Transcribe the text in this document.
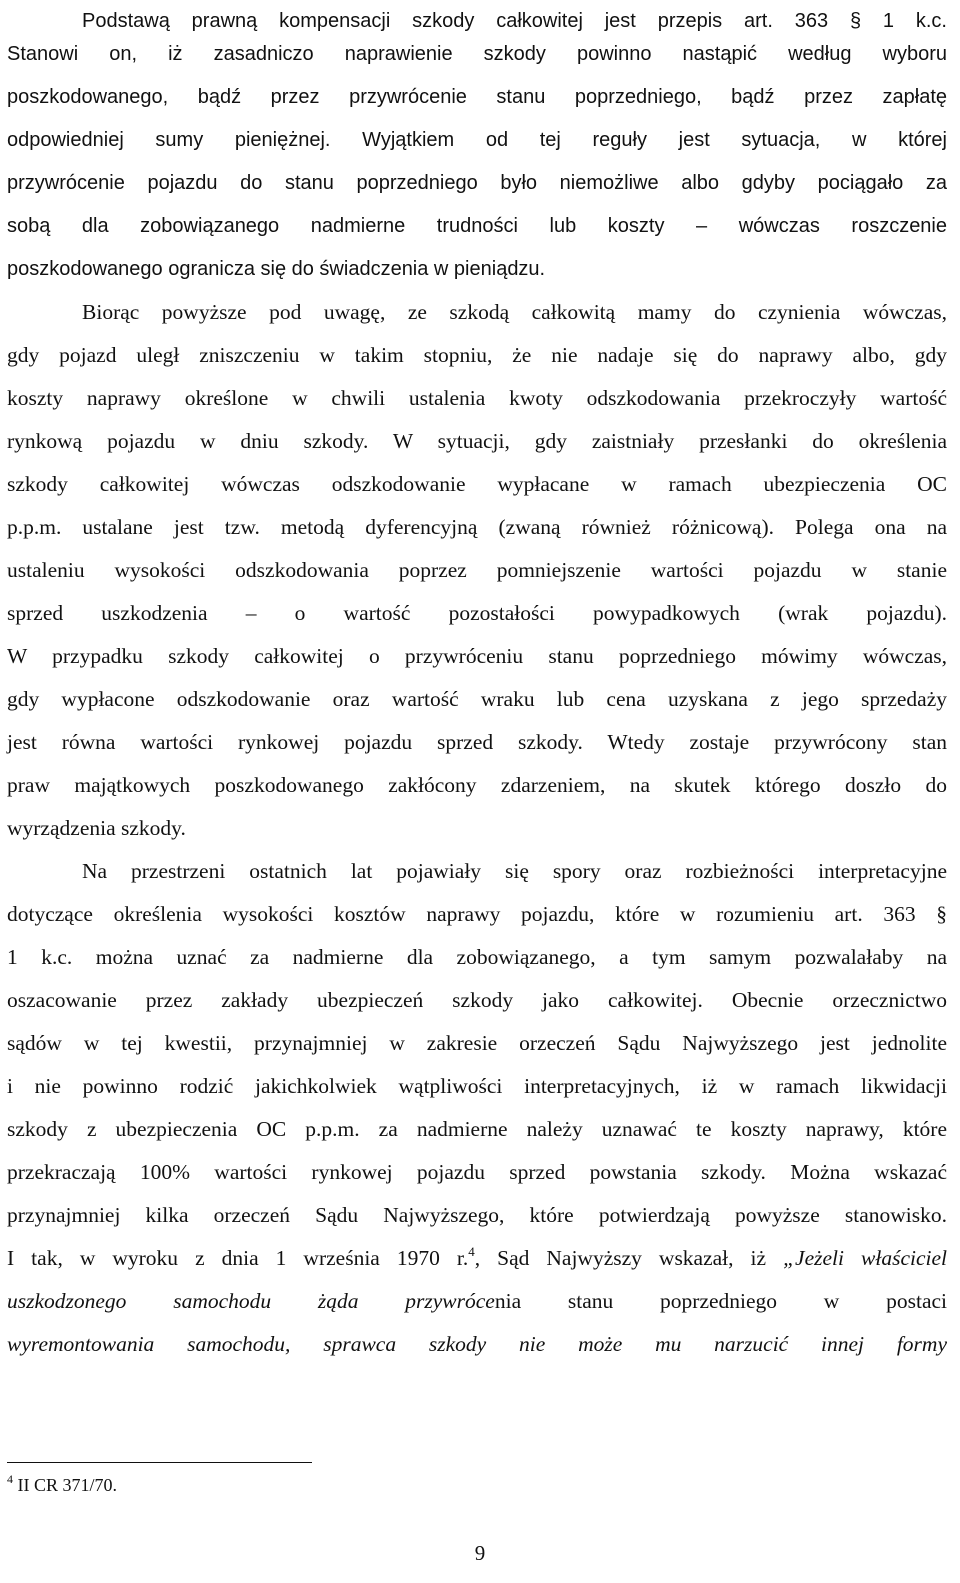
Podstawą prawną kompensacji szkody całkowitej jest przepis art. 363 § 1 k.c.
Stanowi on, iż zasadniczo naprawienie szkody powinno nastąpić według wyboru
poszkodowanego, bądź przez przywrócenie stanu poprzedniego, bądź przez zapłatę
odpowiedniej sumy pieniężnej. Wyjątkiem od tej reguły jest sytuacja, w której
przywrócenie pojazdu do stanu poprzedniego było niemożliwe albo gdyby pociągało za
sobą dla zobowiązanego nadmierne trudności lub koszty – wówczas roszczenie
poszkodowanego ogranicza się do świadczenia w pieniądzu.
Biorąc powyższe pod uwagę, ze szkodą całkowitą mamy do czynienia wówczas,
gdy pojazd uległ zniszczeniu w takim stopniu, że nie nadaje się do naprawy albo, gdy
koszty naprawy określone w chwili ustalenia kwoty odszkodowania przekroczyły wartość
rynkową pojazdu w dniu szkody. W sytuacji, gdy zaistniały przesłanki do określenia
szkody całkowitej wówczas odszkodowanie wypłacane w ramach ubezpieczenia OC
p.p.m. ustalane jest tzw. metodą dyferencyjną (zwaną również różnicową). Polega ona na
ustaleniu wysokości odszkodowania poprzez pomniejszenie wartości pojazdu w stanie
sprzed uszkodzenia – o wartość pozostałości powypadkowych (wrak pojazdu).
W przypadku szkody całkowitej o przywróceniu stanu poprzedniego mówimy wówczas,
gdy wypłacone odszkodowanie oraz wartość wraku lub cena uzyskana z jego sprzedaży
jest równa wartości rynkowej pojazdu sprzed szkody. Wtedy zostaje przywrócony stan
praw majątkowych poszkodowanego zakłócony zdarzeniem, na skutek którego doszło do
wyrządzenia szkody.
Na przestrzeni ostatnich lat pojawiały się spory oraz rozbieżności interpretacyjne
dotyczące określenia wysokości kosztów naprawy pojazdu, które w rozumieniu art. 363 §
1 k.c. można uznać za nadmierne dla zobowiązanego, a tym samym pozwalałaby na
oszacowanie przez zakłady ubezpieczeń szkody jako całkowitej. Obecnie orzecznictwo
sądów w tej kwestii, przynajmniej w zakresie orzeczeń Sądu Najwyższego jest jednolite
i nie powinno rodzić jakichkolwiek wątpliwości interpretacyjnych, iż w ramach likwidacji
szkody z ubezpieczenia OC p.p.m. za nadmierne należy uznawać te koszty naprawy, które
przekraczają 100% wartości rynkowej pojazdu sprzed powstania szkody. Można wskazać
przynajmniej kilka orzeczeń Sądu Najwyższego, które potwierdzają powyższe stanowisko.
I tak, w wyroku z dnia 1 września 1970 r.$^4$, Sąd Najwyższy wskazał, iż „Jeżeli właściciel
uszkodzonego samochodu żąda przywrócenia stanu poprzedniego w postaci
wyremontowania samochodu, sprawca szkody nie może mu narzucić innej formy
$^4$ II CR 371/70.
9
